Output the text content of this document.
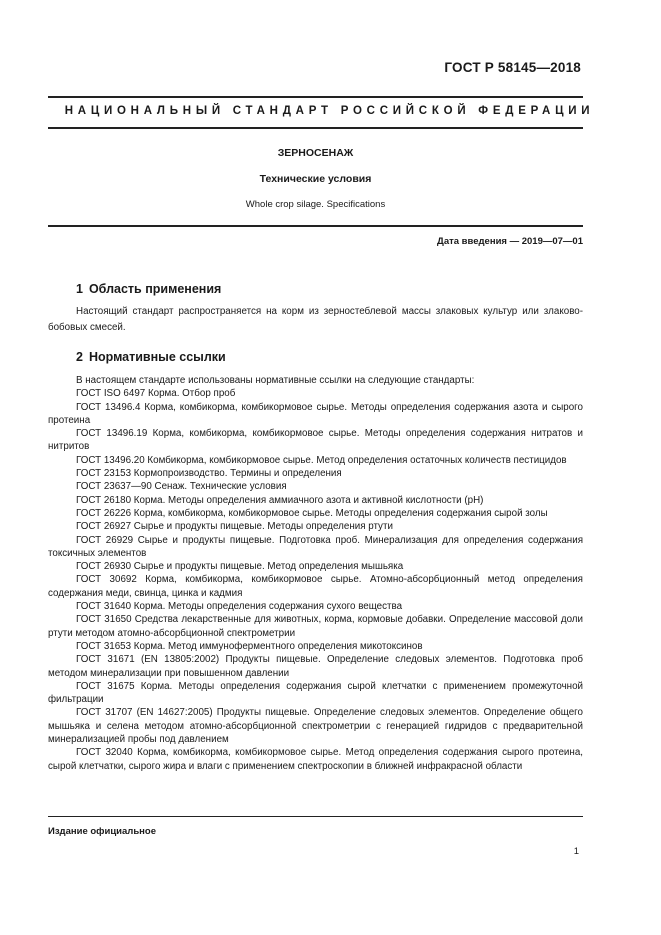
ГОСТ Р 58145—2018
НАЦИОНАЛЬНЫЙ СТАНДАРТ РОССИЙСКОЙ ФЕДЕРАЦИИ
ЗЕРНОСЕНАЖ
Технические условия
Whole crop silage. Specifications
Дата введения — 2019—07—01
1 Область применения
Настоящий стандарт распространяется на корм из зерностеблевой массы злаковых культур или злаково-бобовых смесей.
2 Нормативные ссылки
В настоящем стандарте использованы нормативные ссылки на следующие стандарты:
ГОСТ ISO 6497 Корма. Отбор проб
ГОСТ 13496.4 Корма, комбикорма, комбикормовое сырье. Методы определения содержания азота и сырого протеина
ГОСТ 13496.19 Корма, комбикорма, комбикормовое сырье. Методы определения содержания нитратов и нитритов
ГОСТ 13496.20 Комбикорма, комбикормовое сырье. Метод определения остаточных количеств пестицидов
ГОСТ 23153 Кормопроизводство. Термины и определения
ГОСТ 23637—90 Сенаж. Технические условия
ГОСТ 26180 Корма. Методы определения аммиачного азота и активной кислотности (рН)
ГОСТ 26226 Корма, комбикорма, комбикормовое сырье. Методы определения содержания сырой золы
ГОСТ 26927 Сырье и продукты пищевые. Методы определения ртути
ГОСТ 26929 Сырье и продукты пищевые. Подготовка проб. Минерализация для определения содержания токсичных элементов
ГОСТ 26930 Сырье и продукты пищевые. Метод определения мышьяка
ГОСТ 30692 Корма, комбикорма, комбикормовое сырье. Атомно-абсорбционный метод определения содержания меди, свинца, цинка и кадмия
ГОСТ 31640 Корма. Методы определения содержания сухого вещества
ГОСТ 31650 Средства лекарственные для животных, корма, кормовые добавки. Определение массовой доли ртути методом атомно-абсорбционной спектрометрии
ГОСТ 31653 Корма. Метод иммуноферментного определения микотоксинов
ГОСТ 31671 (EN 13805:2002) Продукты пищевые. Определение следовых элементов. Подготовка проб методом минерализации при повышенном давлении
ГОСТ 31675 Корма. Методы определения содержания сырой клетчатки с применением промежуточной фильтрации
ГОСТ 31707 (EN 14627:2005) Продукты пищевые. Определение следовых элементов. Определение общего мышьяка и селена методом атомно-абсорбционной спектрометрии с генерацией гидридов с предварительной минерализацией пробы под давлением
ГОСТ 32040 Корма, комбикорма, комбикормовое сырье. Метод определения содержания сырого протеина, сырой клетчатки, сырого жира и влаги с применением спектроскопии в ближней инфракрасной области
Издание официальное
1
